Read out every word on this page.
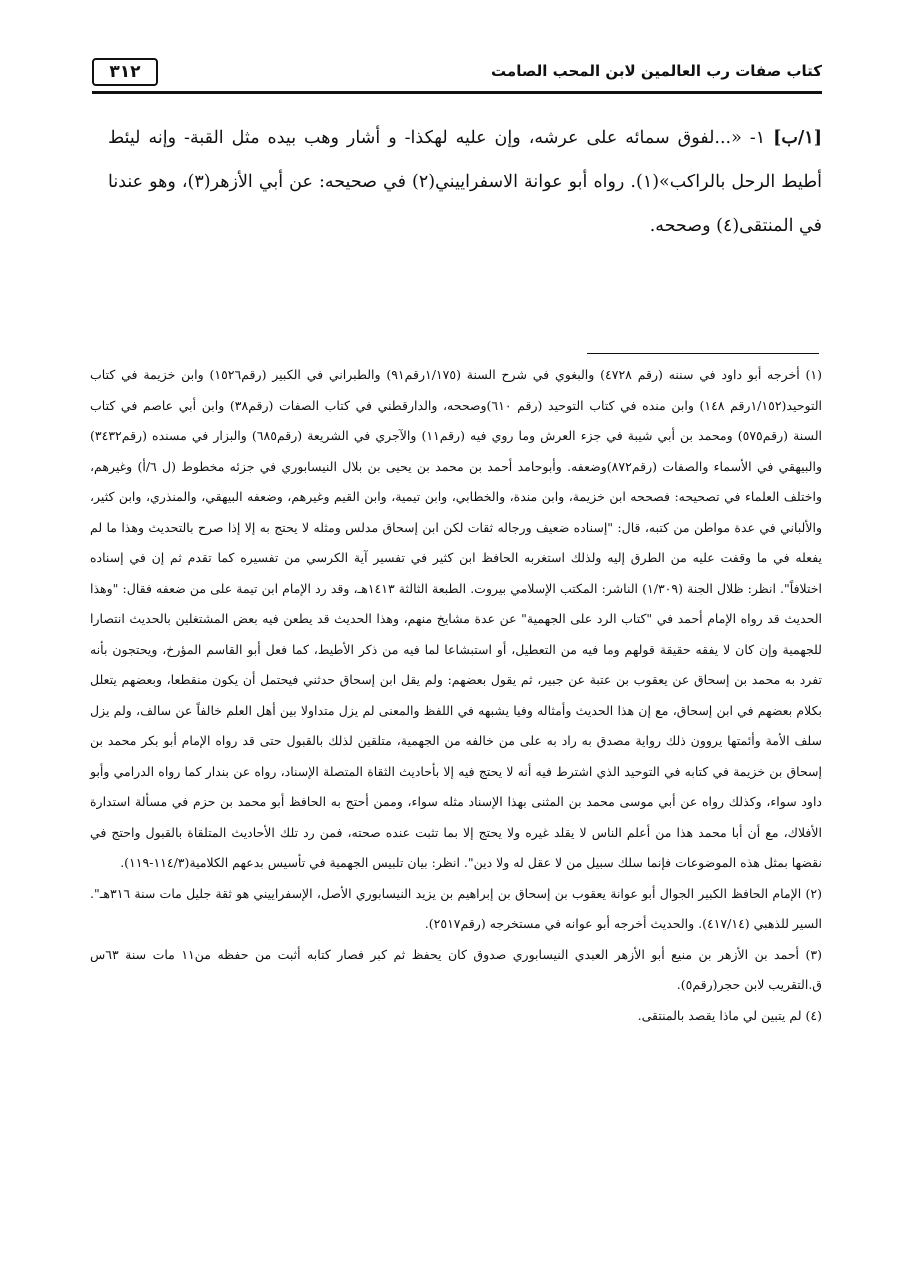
٣١٢	كتاب صفات رب العالمين لابن المحب الصامت
[١/ب] ١- «...لفوق سمائه على عرشه، وإن عليه لهكذا- و أشار وهب بيده مثل القبة- وإنه ليئط أطيط الرحل بالراكب»(١). رواه أبو عوانة الاسفراييني(٢) في صحيحه: عن أبي الأزهر(٣)، وهو عندنا في المنتقى(٤) وصححه.

(١) أخرجه أبو داود في سننه (رقم ٤٧٢٨) والبغوي في شرح السنة (١/١٧٥رقم٩١) والطبراني في الكبير (رقم١٥٢٦) وابن خزيمة في كتاب التوحيد(١/١٥٢رقم ١٤٨) وابن منده في كتاب التوحيد (رقم ٦١٠)وصححه، والدارقطني في كتاب الصفات (رقم٣٨) وابن أبي عاصم في كتاب السنة (رقم٥٧٥) ومحمد بن أبي شيبة في جزء العرش وما روي فيه (رقم١١) والآجري في الشريعة (رقم٦٨٥) والبزار في مسنده (رقم٣٤٣٢) والبيهقي في الأسماء والصفات (رقم٨٧٢)وضعفه. وأبوحامد أحمد بن محمد بن يحيى بن بلال النيسابوري في جزئه مخطوط (ل ٦/أ) وغيرهم، واختلف العلماء في تصحيحه: فصححه ابن خزيمة، وابن مندة، والخطابي، وابن تيمية، وابن القيم وغيرهم، وضعفه البيهقي، والمنذري، وابن كثير، والألباني في عدة مواطن من كتبه، قال: "إسناده ضعيف ورجاله ثقات لكن ابن إسحاق مدلس ومثله لا يحتج به إلا إذا صرح بالتحديث وهذا ما لم يفعله في ما وقفت عليه من الطرق إليه ولذلك استغربه الحافظ ابن كثير في تفسير آية الكرسي من تفسيره كما تقدم ثم إن في إسناده اختلافاً". انظر: ظلال الجنة (١/٣٠٩) الناشر: المكتب الإسلامي بيروت. الطبعة الثالثة ١٤١٣هـ، وقد رد الإمام ابن تيمة على من ضعفه فقال: "وهذا الحديث قد رواه الإمام أحمد في "كتاب الرد على الجهمية" عن عدة مشايخ منهم، وهذا الحديث قد يطعن فيه بعض المشتغلين بالحديث انتصارا للجهمية وإن كان لا يفقه حقيقة قولهم وما فيه من التعطيل، أو استبشاعا لما فيه من ذكر الأطيط، كما فعل أبو القاسم المؤرخ، ويحتجون بأنه تفرد به محمد بن إسحاق عن يعقوب بن عتبة عن جبير، ثم يقول بعضهم: ولم يقل ابن إسحاق حدثني فيحتمل أن يكون منقطعا، وبعضهم يتعلل بكلام بعضهم في ابن إسحاق، مع إن هذا الحديث وأمثاله وفيا يشبهه في اللفظ والمعنى لم يزل متداولا بين أهل العلم خالفاً عن سالف، ولم يزل سلف الأمة وأئمتها يروون ذلك رواية مصدق به راد به على من خالفه من الجهمية، متلقين لذلك بالقبول حتى قد رواه الإمام أبو بكر محمد بن إسحاق بن خزيمة في كتابه في التوحيد الذي اشترط فيه أنه لا يحتج فيه إلا بأحاديث الثقاة المتصلة الإسناد، رواه عن بندار كما رواه الدرامي وأبو داود سواء، وكذلك رواه عن أبي موسى محمد بن المثنى بهذا الإسناد مثله سواء، وممن أحتج به الحافظ أبو محمد بن حزم في مسألة استدارة الأفلاك، مع أن أبا محمد هذا من أعلم الناس لا يقلد غيره ولا يحتج إلا بما تثبت عنده صحته، فمن رد تلك الأحاديث المتلقاة بالقبول واحتج في نقضها بمثل هذه الموضوعات فإنما سلك سبيل من لا عقل له ولا دين". انظر: بيان تلبيس الجهمية في تأسيس بدعهم الكلامية(١١٤/٣-١١٩).

(٢) الإمام الحافظ الكبير الجوال أبو عوانة يعقوب بن إسحاق بن إبراهيم بن يزيد النيسابوري الأصل، الإسفراييني هو ثقة جليل مات سنة ٣١٦هـ". السير للذهبي (٤١٧/١٤). والحديث أخرجه أبو عوانه في مستخرجه (رقم٢٥١٧).

(٣) أحمد بن الأزهر بن منيع أبو الأزهر العبدي النيسابوري صدوق كان يحفظ ثم كبر فصار كتابه أثبت من حفظه من١١ مات سنة ٦٣س ق.التقريب لابن حجر(رقم٥).

(٤) لم يتبين لي ماذا يقصد بالمنتقى.
